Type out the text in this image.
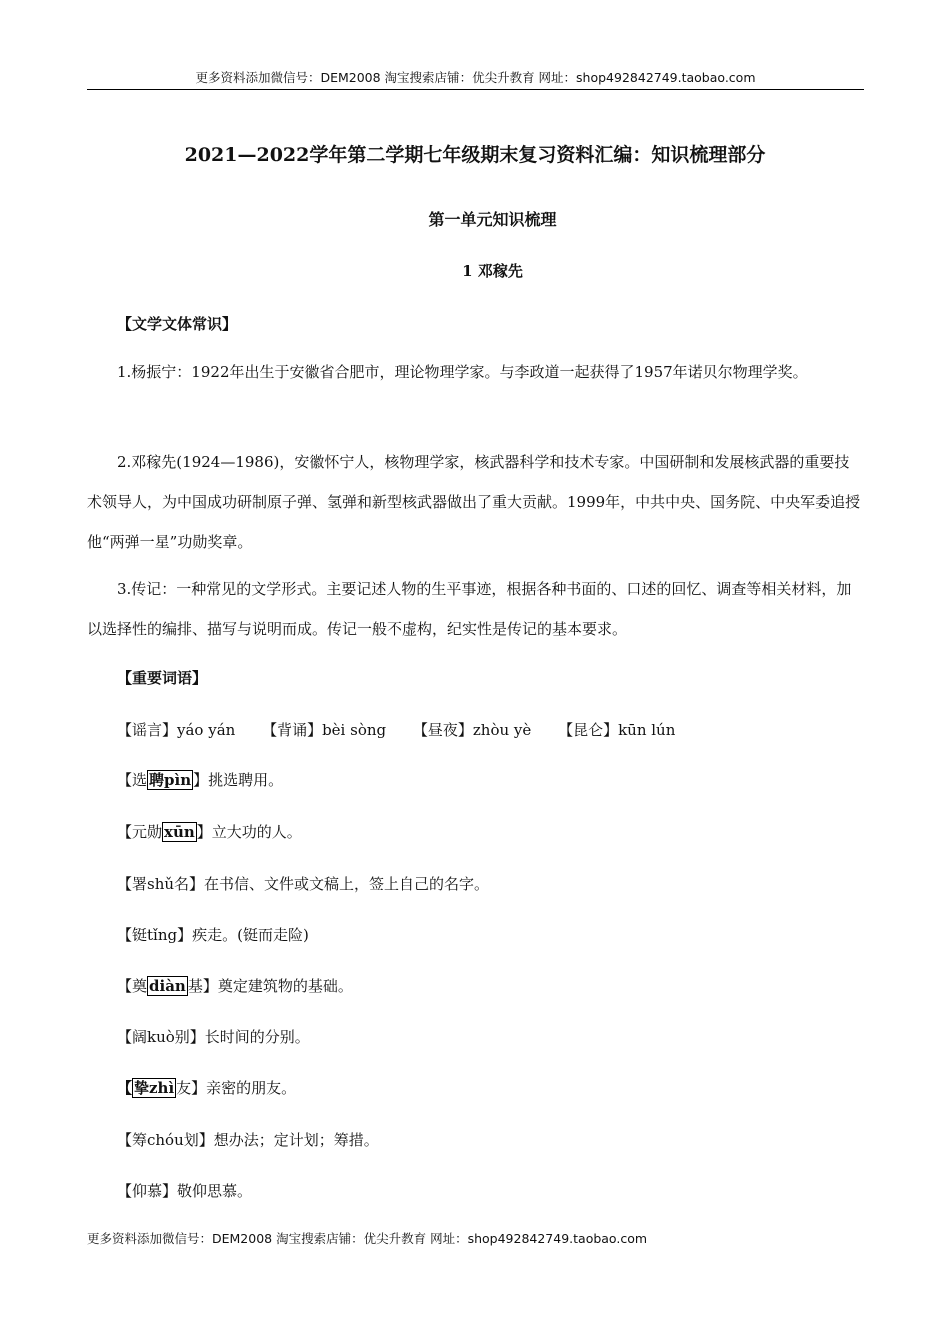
更多资料添加微信号：DEM2008 淘宝搜索店铺：优尖升教育 网址：shop492842749.taobao.com
2021—2022学年第二学期七年级期末复习资料汇编：知识梳理部分
第一单元知识梳理
1 邓稼先
【文学文体常识】
1.杨振宁：1922年出生于安徽省合肥市，理论物理学家。与李政道一起获得了1957年诺贝尔物理学奖。
2.邓稼先(1924—1986)，安徽怀宁人，核物理学家，核武器科学和技术专家。中国研制和发展核武器的重要技术领导人，为中国成功研制原子弹、氢弹和新型核武器做出了重大贡献。1999年，中共中央、国务院、中央军委追授他“两弹一星”功勋奖章。
3.传记：一种常见的文学形式。主要记述人物的生平事迹，根据各种书面的、口述的回忆、调查等相关材料，加以选择性的编排、描写与说明而成。传记一般不虚构，纪实性是传记的基本要求。
【重要词语】
【谣言】yáo yán 【背诵】bèi sòng 【昼夜】zhòu yè 【昆仑】kūn lún
【选 聘pìn 】挑选聘用。
【元勋 xūn 】立大功的人。
【署shǔ名】在书信、文件或文稿上，签上自己的名字。
【铤tǐng】疾走。(铤而走险)
【奠 diàn 基】奠定建筑物的基础。
【阔kuò别】长时间的分别。
【 挚zhì 友】亲密的朋友。
【筹chóu划】想办法；定计划；筹措。
【仰慕】敬仰思慕。
更多资料添加微信号：DEM2008 淘宝搜索店铺：优尖升教育 网址：shop492842749.taobao.com
